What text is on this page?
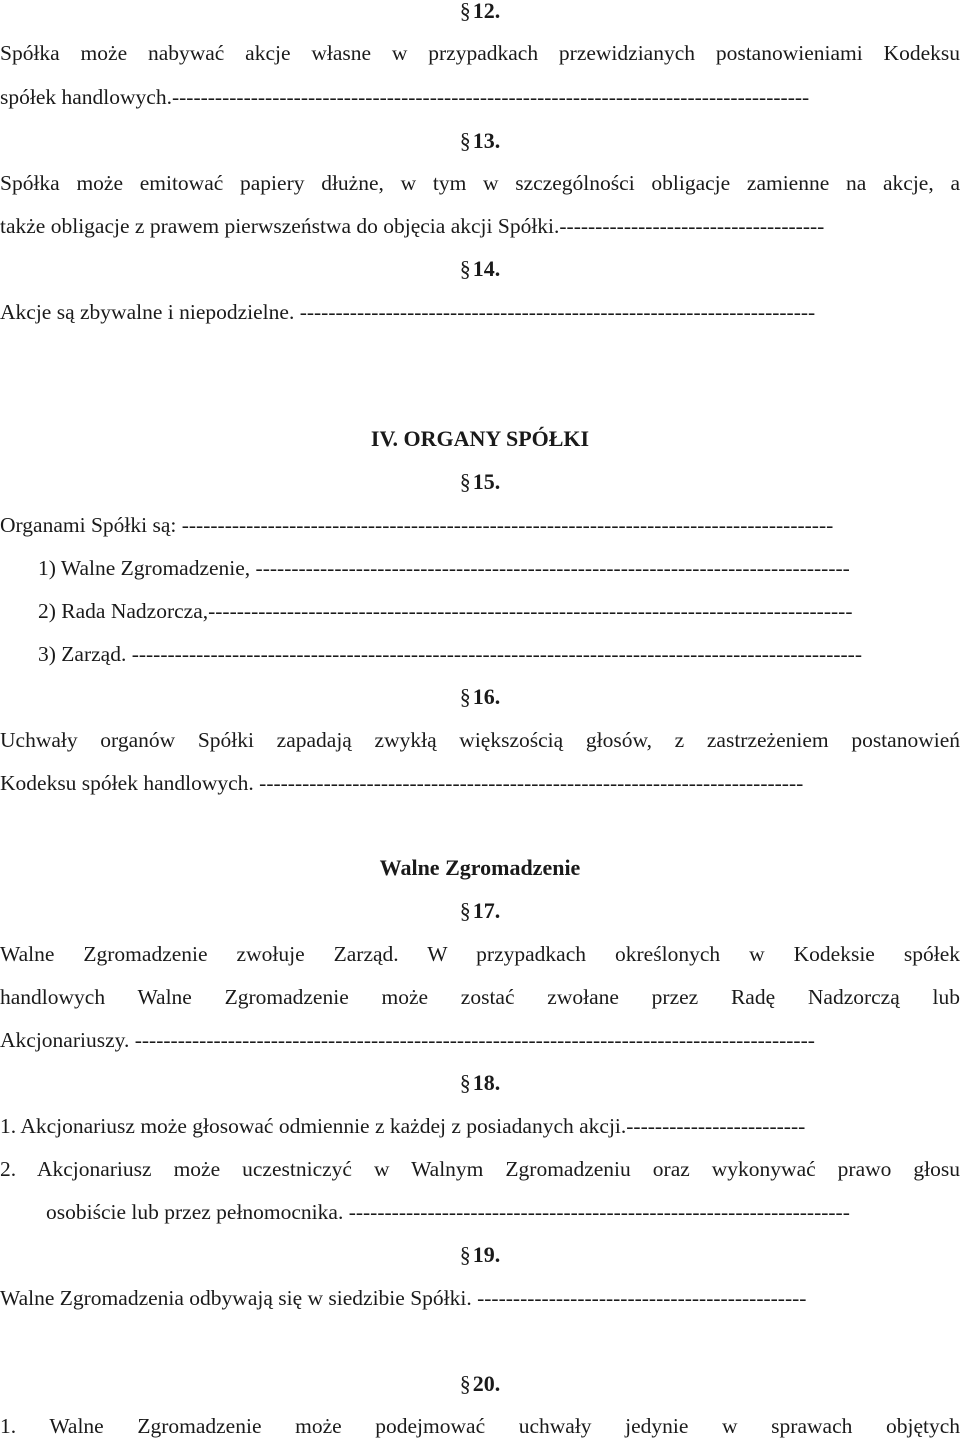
§12.
Spółka może nabywać akcje własne w przypadkach przewidzianych postanowieniami Kodeksu
spółek handlowych.-----------------------------------------------------------------------------------------
§13.
Spółka może emitować papiery dłużne, w tym w szczególności obligacje zamienne na akcje, a
także obligacje z prawem pierwszeństwa do objęcia akcji Spółki.-------------------------------------
§14.
Akcje są zbywalne i niepodzielne. ------------------------------------------------------------------------
IV. ORGANY SPÓŁKI
§15.
Organami Spółki są: -------------------------------------------------------------------------------------------
1) Walne Zgromadzenie, -----------------------------------------------------------------------------------
2) Rada Nadzorcza,------------------------------------------------------------------------------------------
3) Zarząd. ------------------------------------------------------------------------------------------------------
§16.
Uchwały organów Spółki zapadają zwykłą większością głosów, z zastrzeżeniem postanowień
Kodeksu spółek handlowych. ----------------------------------------------------------------------------
Walne Zgromadzenie
§17.
Walne Zgromadzenie zwołuje Zarząd. W przypadkach określonych w Kodeksie spółek
handlowych Walne Zgromadzenie może zostać zwołane przez Radę Nadzorczą lub
Akcjonariuszy. -----------------------------------------------------------------------------------------------
§18.
1. Akcjonariusz może głosować odmiennie z każdej z posiadanych akcji.-------------------------
2. Akcjonariusz może uczestniczyć w Walnym Zgromadzeniu oraz wykonywać prawo głosu
osobiście lub przez pełnomocnika. ----------------------------------------------------------------------
§19.
Walne Zgromadzenia odbywają się w siedzibie Spółki. ----------------------------------------------
§20.
1. Walne Zgromadzenie może podejmować uchwały jedynie w sprawach objętych
